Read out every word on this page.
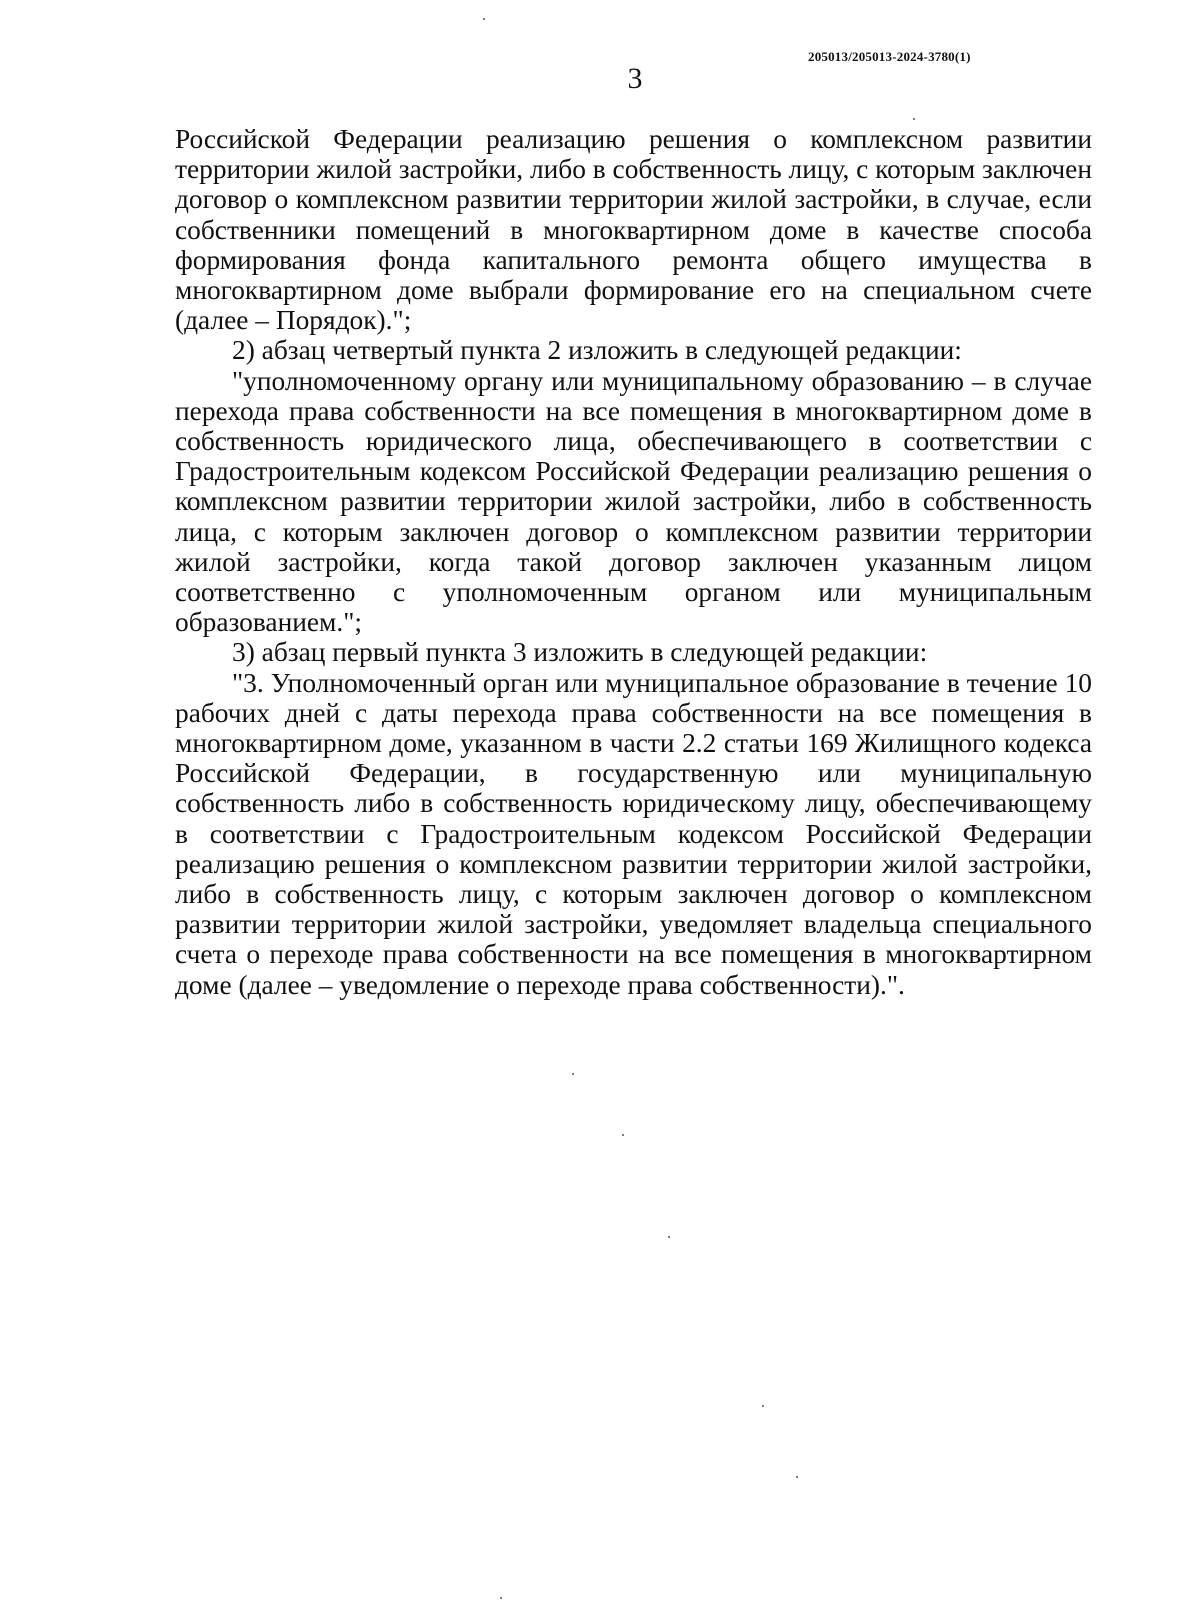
205013/205013-2024-3780(1)
3

Российской Федерации реализацию решения о комплексном развитии территории жилой застройки, либо в собственность лицу, с которым заключен договор о комплексном развитии территории жилой застройки, в случае, если собственники помещений в многоквартирном доме в качестве способа формирования фонда капитального ремонта общего имущества в многоквартирном доме выбрали формирование его на специальном счете (далее – Порядок).";

2) абзац четвертый пункта 2 изложить в следующей редакции:

"уполномоченному органу или муниципальному образованию – в случае перехода права собственности на все помещения в многоквартирном доме в собственность юридического лица, обеспечивающего в соответствии с Градостроительным кодексом Российской Федерации реализацию решения о комплексном развитии территории жилой застройки, либо в собственность лица, с которым заключен договор о комплексном развитии территории жилой застройки, когда такой договор заключен указанным лицом соответственно с уполномоченным органом или муниципальным образованием.";

3) абзац первый пункта 3 изложить в следующей редакции:

"3. Уполномоченный орган или муниципальное образование в течение 10 рабочих дней с даты перехода права собственности на все помещения в многоквартирном доме, указанном в части 2.2 статьи 169 Жилищного кодекса Российской Федерации, в государственную или муниципальную собственность либо в собственность юридическому лицу, обеспечивающему в соответствии с Градостроительным кодексом Российской Федерации реализацию решения о комплексном развитии территории жилой застройки, либо в собственность лицу, с которым заключен договор о комплексном развитии территории жилой застройки, уведомляет владельца специального счета о переходе права собственности на все помещения в многоквартирном доме (далее – уведомление о переходе права собственности).".
